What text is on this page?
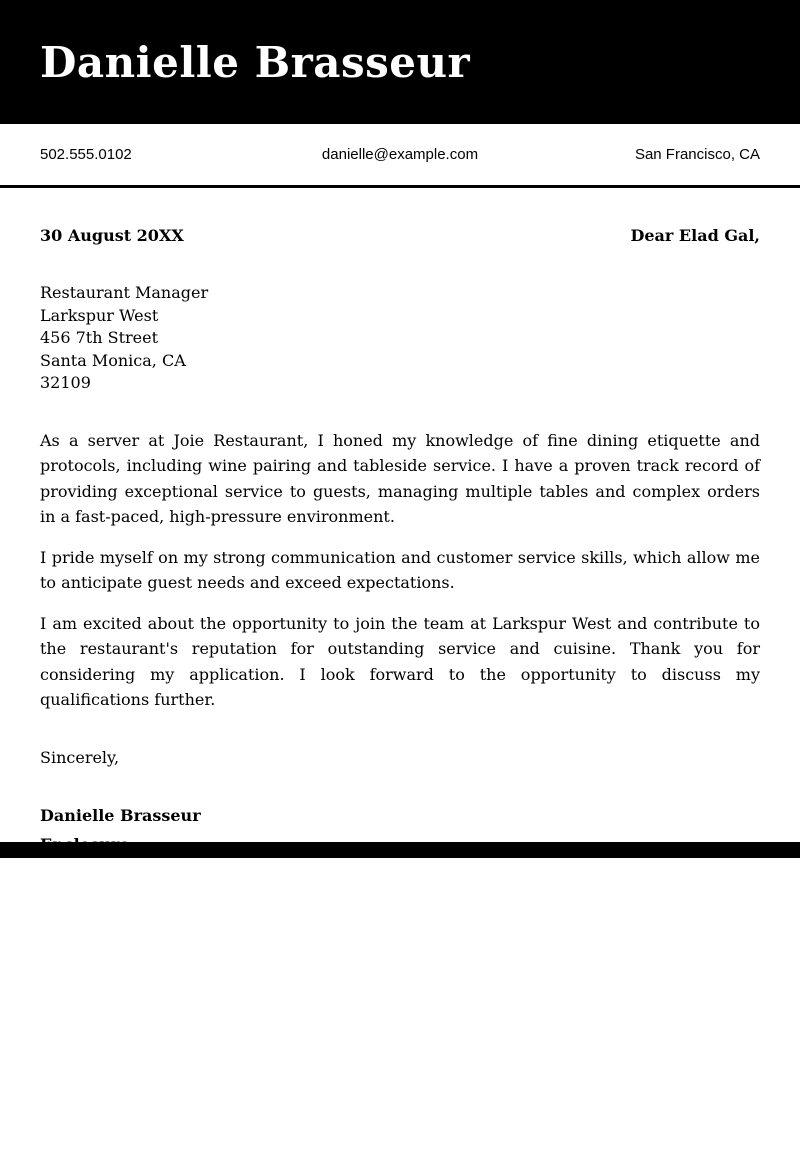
Danielle Brasseur
502.555.0102	danielle@example.com	San Francisco, CA
30 August 20XX	Dear Elad Gal,
Restaurant Manager
Larkspur West
456 7th Street
Santa Monica, CA
32109

As a server at Joie Restaurant, I honed my knowledge of fine dining etiquette and protocols, including wine pairing and tableside service. I have a proven track record of providing exceptional service to guests, managing multiple tables and complex orders in a fast-paced, high-pressure environment.

I pride myself on my strong communication and customer service skills, which allow me to anticipate guest needs and exceed expectations.

I am excited about the opportunity to join the team at Larkspur West and contribute to the restaurant's reputation for outstanding service and cuisine. Thank you for considering my application. I look forward to the opportunity to discuss my qualifications further.

Sincerely,
Danielle Brasseur
